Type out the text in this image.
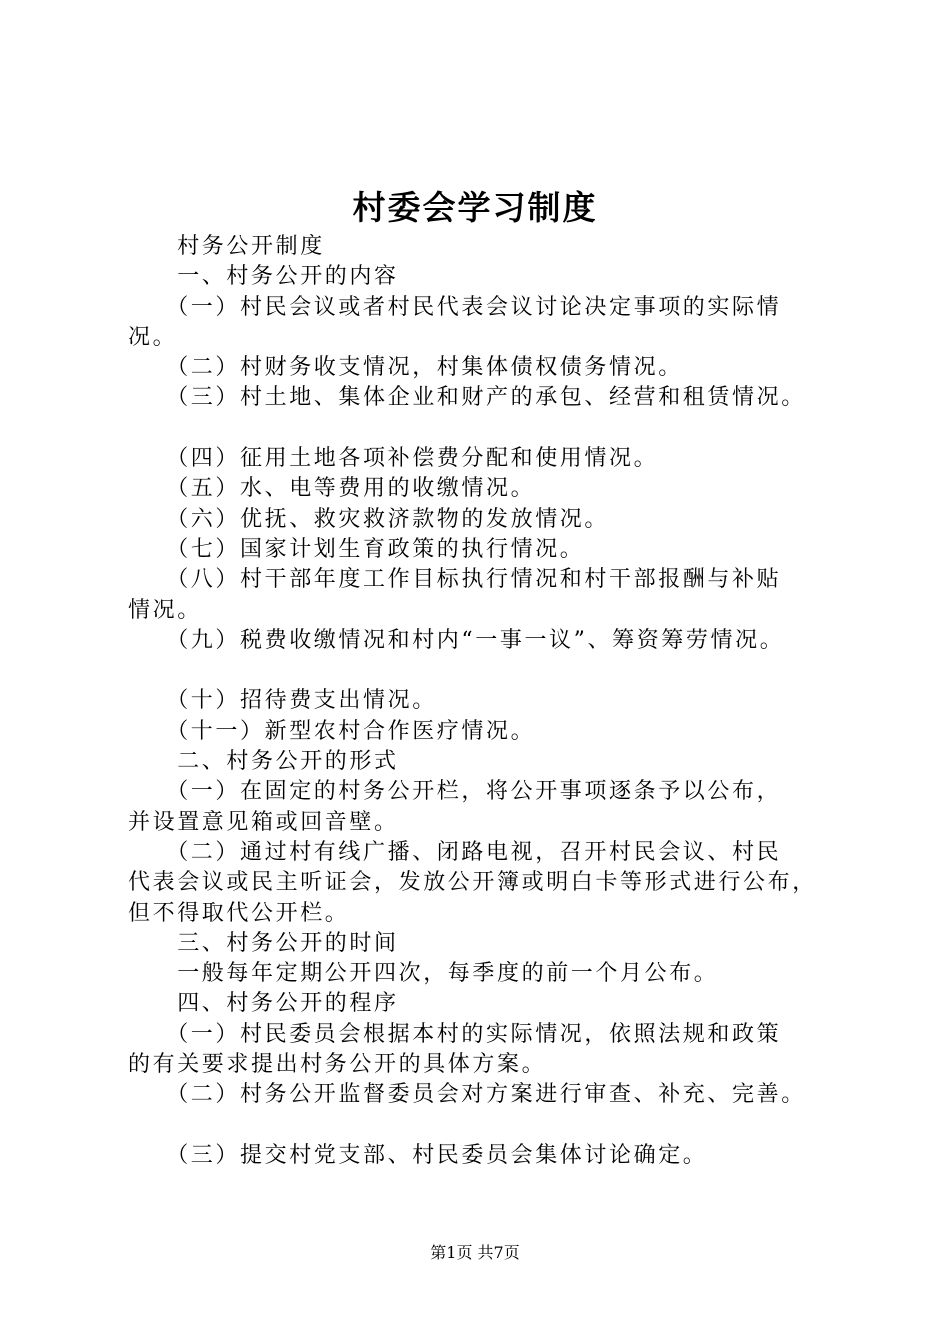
村委会学习制度
　　村务公开制度
　　一、村务公开的内容
　　（一）村民会议或者村民代表会议讨论决定事项的实际情
况。
　　（二）村财务收支情况，村集体债权债务情况。
　　（三）村土地、集体企业和财产的承包、经营和租赁情况。
　　（四）征用土地各项补偿费分配和使用情况。
　　（五）水、电等费用的收缴情况。
　　（六）优抚、救灾救济款物的发放情况。
　　（七）国家计划生育政策的执行情况。
　　（八）村干部年度工作目标执行情况和村干部报酬与补贴
情况。
　　（九）税费收缴情况和村内“一事一议”、筹资筹劳情况。
　　（十）招待费支出情况。
　　（十一）新型农村合作医疗情况。
　　二、村务公开的形式
　　（一）在固定的村务公开栏，将公开事项逐条予以公布，
并设置意见箱或回音壁。
　　（二）通过村有线广播、闭路电视，召开村民会议、村民
代表会议或民主听证会，发放公开簿或明白卡等形式进行公布，
但不得取代公开栏。
　　三、村务公开的时间
　　一般每年定期公开四次，每季度的前一个月公布。
　　四、村务公开的程序
　　（一）村民委员会根据本村的实际情况，依照法规和政策
的有关要求提出村务公开的具体方案。
　　（二）村务公开监督委员会对方案进行审查、补充、完善。
　　（三）提交村党支部、村民委员会集体讨论确定。
第1页 共7页
